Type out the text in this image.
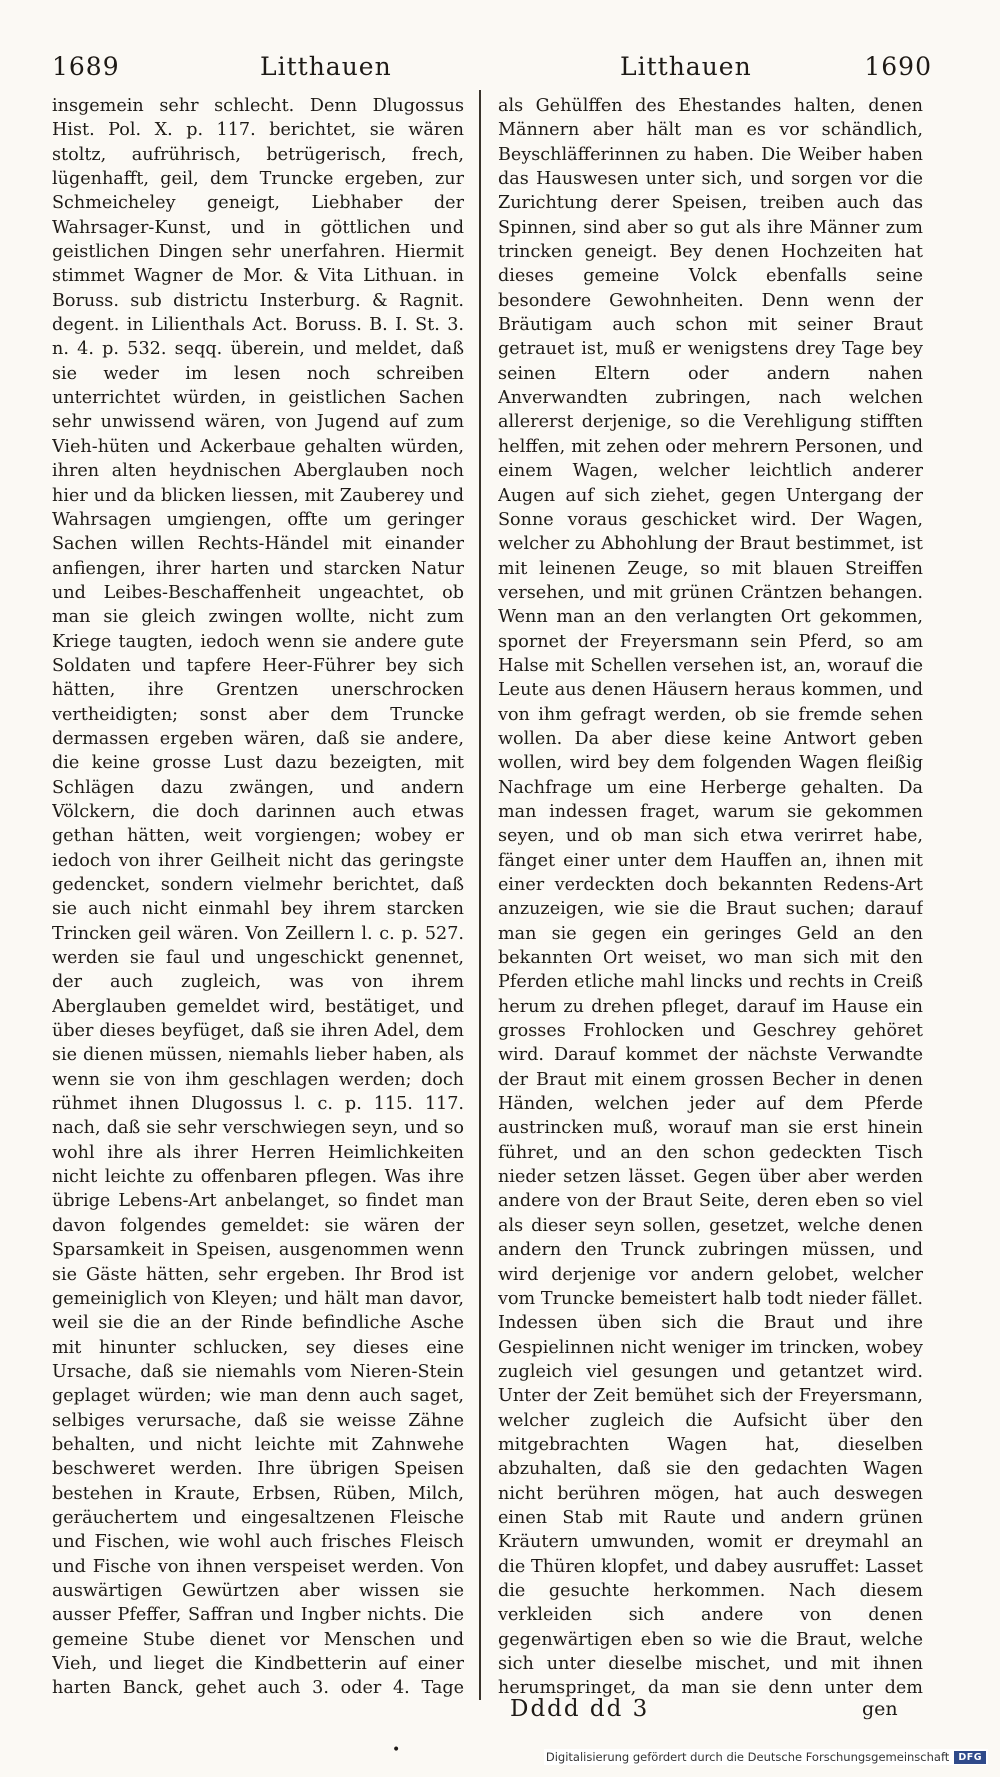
1689	Litthauen	Litthauen	1690

insgemein sehr schlecht. Denn Dlugossus Hist. Pol. X. p. 117. berichtet, sie wären stoltz, aufrührisch, betrügerisch, frech, lügenhafft, geil, dem Truncke ergeben, zur Schmeicheley geneigt, Liebhaber der Wahrsager-Kunst, und in göttlichen und geistlichen Dingen sehr unerfahren. Hiermit stimmet Wagner de Mor. & Vita Lithuan. in Boruss. sub districtu Insterburg. & Ragnit. degent. in Lilienthals Act. Boruss. B. I. St. 3. n. 4. p. 532. seqq. überein, und meldet, daß sie weder im lesen noch schreiben unterrichtet würden, in geistlichen Sachen sehr unwissend wären, von Jugend auf zum Vieh-hüten und Ackerbaue gehalten würden, ihren alten heydnischen Aberglauben noch hier und da blicken liessen, mit Zauberey und Wahrsagen umgiengen, offte um geringer Sachen willen Rechts-Händel mit einander anfiengen, ihrer harten und starcken Natur und Leibes-Beschaffenheit ungeachtet, ob man sie gleich zwingen wollte, nicht zum Kriege taugten, iedoch wenn sie andere gute Soldaten und tapfere Heer-Führer bey sich hätten, ihre Grentzen unerschrocken vertheidigten; sonst aber dem Truncke dermassen ergeben wären, daß sie andere, die keine grosse Lust dazu bezeigten, mit Schlägen dazu zwängen, und andern Völckern, die doch darinnen auch etwas gethan hätten, weit vorgiengen; wobey er iedoch von ihrer Geilheit nicht das geringste gedencket, sondern vielmehr berichtet, daß sie auch nicht einmahl bey ihrem starcken Trincken geil wären. Von Zeillern l. c. p. 527. werden sie faul und ungeschickt genennet, der auch zugleich, was von ihrem Aberglauben gemeldet wird, bestätiget, und über dieses beyfüget, daß sie ihren Adel, dem sie dienen müssen, niemahls lieber haben, als wenn sie von ihm geschlagen werden; doch rühmet ihnen Dlugossus l. c. p. 115. 117. nach, daß sie sehr verschwiegen seyn, und so wohl ihre als ihrer Herren Heimlichkeiten nicht leichte zu offenbaren pflegen. Was ihre übrige Lebens-Art anbelanget, so findet man davon folgendes gemeldet: sie wären der Sparsamkeit in Speisen, ausgenommen wenn sie Gäste hätten, sehr ergeben. Ihr Brod ist gemeiniglich von Kleyen; und hält man davor, weil sie die an der Rinde befindliche Asche mit hinunter schlucken, sey dieses eine Ursache, daß sie niemahls vom Nieren-Stein geplaget würden; wie man denn auch saget, selbiges verursache, daß sie weisse Zähne behalten, und nicht leichte mit Zahnwehe beschweret werden. Ihre übrigen Speisen bestehen in Kraute, Erbsen, Rüben, Milch, geräuchertem und eingesaltzenen Fleische und Fischen, wie wohl auch frisches Fleisch und Fische von ihnen verspeiset werden. Von auswärtigen Gewürtzen aber wissen sie ausser Pfeffer, Saffran und Ingber nichts. Die gemeine Stube dienet vor Menschen und Vieh, und lieget die Kindbetterin auf einer harten Banck, gehet auch 3. oder 4. Tage

als Gehülffen des Ehestandes halten, denen Männern aber hält man es vor schändlich, Beyschläfferinnen zu haben. Die Weiber haben das Hauswesen unter sich, und sorgen vor die Zurichtung derer Speisen, treiben auch das Spinnen, sind aber so gut als ihre Männer zum trincken geneigt. Bey denen Hochzeiten hat dieses gemeine Volck ebenfalls seine besondere Gewohnheiten. Denn wenn der Bräutigam auch schon mit seiner Braut getrauet ist, muß er wenigstens drey Tage bey seinen Eltern oder andern nahen Anverwandten zubringen, nach welchen allererst derjenige, so die Verehligung stifften helffen, mit zehen oder mehrern Personen, und einem Wagen, welcher leichtlich anderer Augen auf sich ziehet, gegen Untergang der Sonne voraus geschicket wird. Der Wagen, welcher zu Abhohlung der Braut bestimmet, ist mit leinenen Zeuge, so mit blauen Streiffen versehen, und mit grünen Cräntzen behangen. Wenn man an den verlangten Ort gekommen, spornet der Freyersmann sein Pferd, so am Halse mit Schellen versehen ist, an, worauf die Leute aus denen Häusern heraus kommen, und von ihm gefragt werden, ob sie fremde sehen wollen. Da aber diese keine Antwort geben wollen, wird bey dem folgenden Wagen fleißig Nachfrage um eine Herberge gehalten. Da man indessen fraget, warum sie gekommen seyen, und ob man sich etwa verirret habe, fänget einer unter dem Hauffen an, ihnen mit einer verdeckten doch bekannten Redens-Art anzuzeigen, wie sie die Braut suchen; darauf man sie gegen ein geringes Geld an den bekannten Ort weiset, wo man sich mit den Pferden etliche mahl lincks und rechts in Creiß herum zu drehen pfleget, darauf im Hause ein grosses Frohlocken und Geschrey gehöret wird. Darauf kommet der nächste Verwandte der Braut mit einem grossen Becher in denen Händen, welchen jeder auf dem Pferde austrincken muß, worauf man sie erst hinein führet, und an den schon gedeckten Tisch nieder setzen lässet. Gegen über aber werden andere von der Braut Seite, deren eben so viel als dieser seyn sollen, gesetzet, welche denen andern den Trunck zubringen müssen, und wird derjenige vor andern gelobet, welcher vom Truncke bemeistert halb todt nieder fället. Indessen üben sich die Braut und ihre Gespielinnen nicht weniger im trincken, wobey zugleich viel gesungen und getantzet wird. Unter der Zeit bemühet sich der Freyersmann, welcher zugleich die Aufsicht über den mitgebrachten Wagen hat, dieselben abzuhalten, daß sie den gedachten Wagen nicht berühren mögen, hat auch deswegen einen Stab mit Raute und andern grünen Kräutern umwunden, womit er dreymahl an die Thüren klopfet, und dabey ausruffet: Lasset die gesuchte herkommen. Nach diesem verkleiden sich andere von denen gegenwärtigen eben so wie die Braut, welche sich unter dieselbe mischet, und mit ihnen herumspringet, da man sie denn unter dem

Dddd dd 3	gen
•	Digitalisierung gefördert durch die Deutsche Forschungsgemeinschaft DFG
